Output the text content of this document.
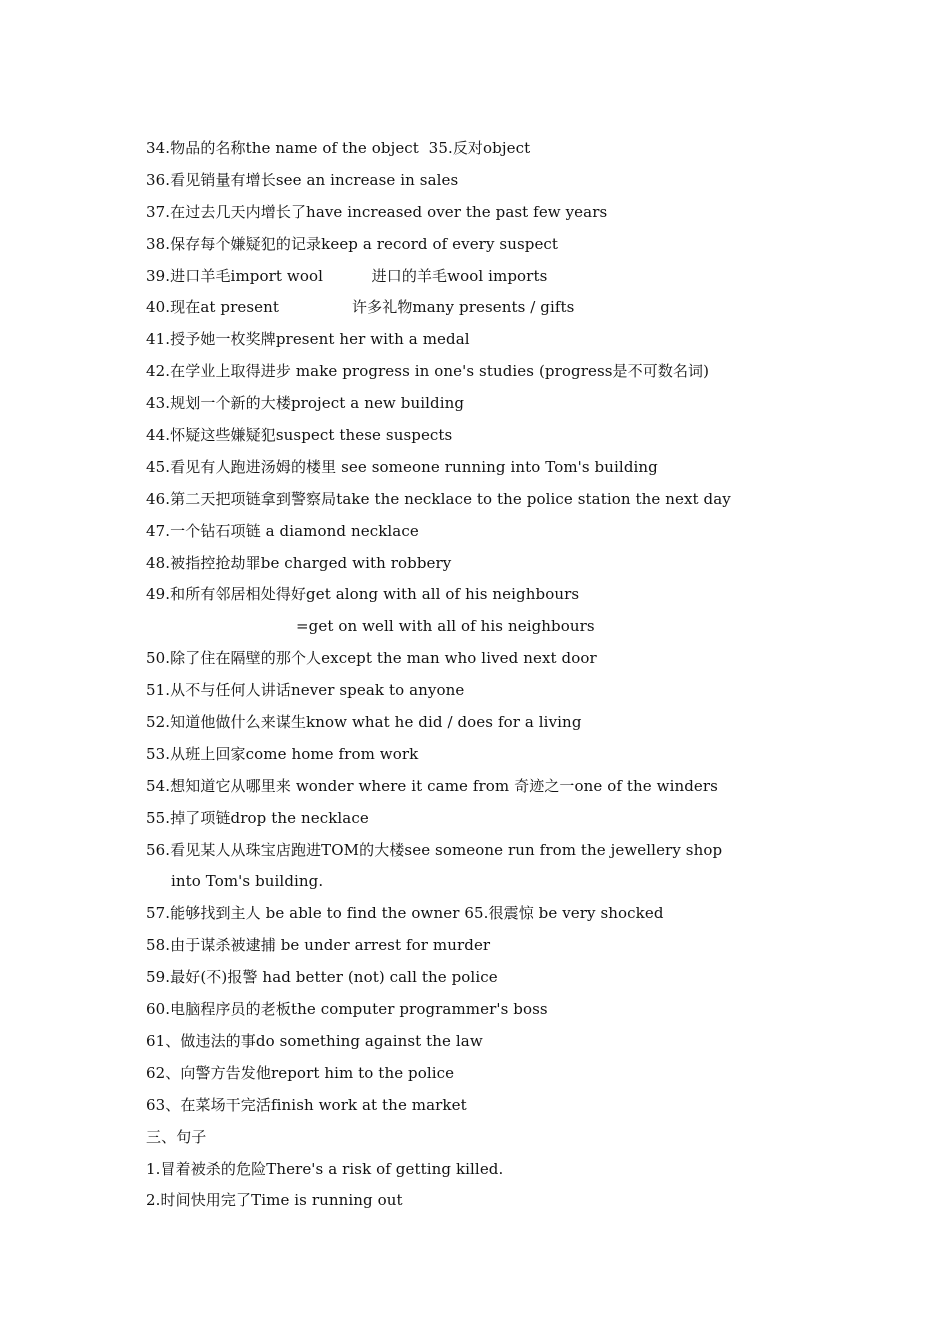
34.物品的名称the name of the object  35.反对object
36.看见销量有增长see an increase in sales
37.在过去几天内增长了have increased over the past few years
38.保存每个嫌疑犯的记录keep a record of every suspect
39.进口羊毛import wool          进口的羊毛wool imports
40.现在at present               许多礼物many presents / gifts
41.授予她一枚奖牌present her with a medal
42.在学业上取得进步 make progress in one's studies (progress是不可数名词)
43.规划一个新的大楼project a new building
44.怀疑这些嫌疑犯suspect these suspects
45.看见有人跑进汤姆的楼里 see someone running into Tom's building
46.第二天把项链拿到警察局take the necklace to the police station the next day
47.一个钻石项链 a diamond necklace
48.被指控抢劫罪be charged with robbery
49.和所有邻居相处得好get along with all of his neighbours
=get on well with all of his neighbours
50.除了住在隔壁的那个人except the man who lived next door
51.从不与任何人讲话never speak to anyone
52.知道他做什么来谋生know what he did / does for a living
53.从班上回家come home from work
54.想知道它从哪里来 wonder where it came from 奇迹之一one of the winders
55.掉了项链drop the necklace
56.看见某人从珠宝店跑进TOM的大楼see someone run from the jewellery shop
into Tom's building.
57.能够找到主人 be able to find the owner 65.很震惊 be very shocked
58.由于谋杀被逮捕 be under arrest for murder
59.最好(不)报警 had better (not) call the police
60.电脑程序员的老板the computer programmer's boss
61、做违法的事do something against the law
62、向警方告发他report him to the police
63、在菜场干完活finish work at the market
三、句子
1.冒着被杀的危险There's a risk of getting killed.
2.时间快用完了Time is running out
